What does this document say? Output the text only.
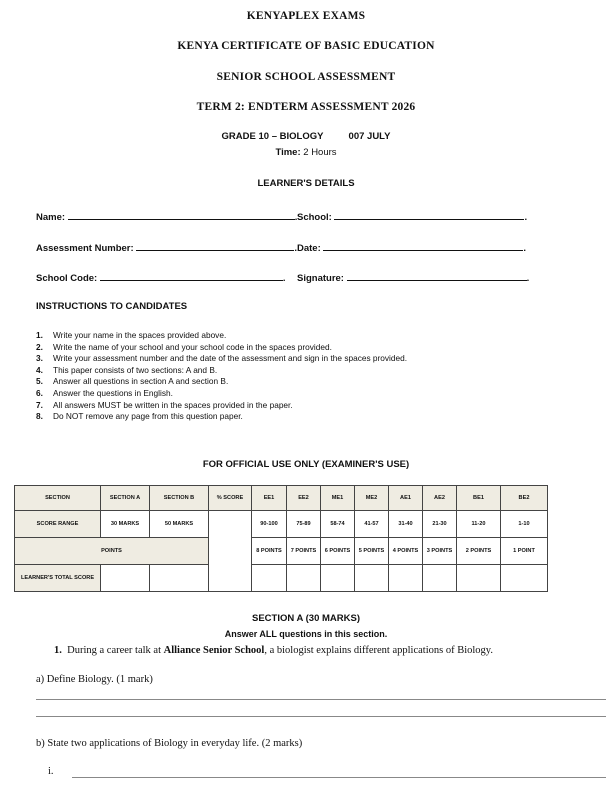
KENYAPLEX EXAMS
KENYA CERTIFICATE OF BASIC EDUCATION
SENIOR SCHOOL ASSESSMENT
TERM 2: ENDTERM ASSESSMENT 2026
GRADE 10 – BIOLOGY	007 JULY
Time: 2 Hours
LEARNER'S DETAILS
Name:	. School:	.
Assessment Number:	. Date:	.
School Code:	. Signature:	.
INSTRUCTIONS TO CANDIDATES
1. Write your name in the spaces provided above.
2. Write the name of your school and your school code in the spaces provided.
3. Write your assessment number and the date of the assessment and sign in the spaces provided.
4. This paper consists of two sections: A and B.
5. Answer all questions in section A and section B.
6. Answer the questions in English.
7. All answers MUST be written in the spaces provided in the paper.
8. Do NOT remove any page from this question paper.
FOR OFFICIAL USE ONLY (EXAMINER'S USE)
SECTION	SECTION A	SECTION B	% SCORE	EE1	EE2	ME1	ME2	AE1	AE2	BE1	BE2
SCORE RANGE	30 MARKS	50 MARKS		90-100	75-89	58-74	41-57	31-40	21-30	11-20	1-10
POINTS				8 POINTS	7 POINTS	6 POINTS	5 POINTS	4 POINTS	3 POINTS	2 POINTS	1 POINT
LEARNER'S TOTAL SCORE											
SECTION A (30 MARKS)
Answer ALL questions in this section.
1. During a career talk at Alliance Senior School, a biologist explains different applications of Biology.
a) Define Biology. (1 mark)
b) State two applications of Biology in everyday life. (2 marks)
i.
